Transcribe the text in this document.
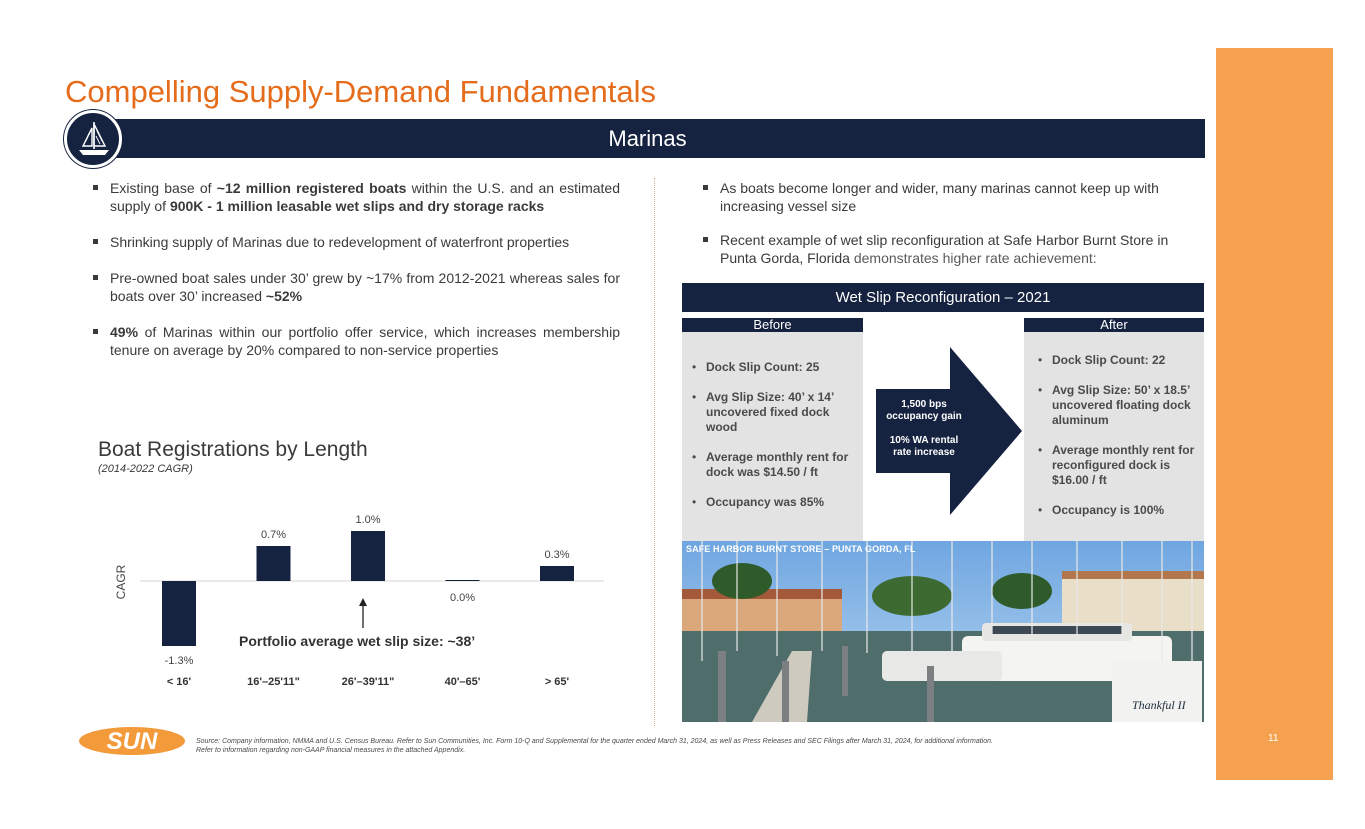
11
Compelling Supply-Demand Fundamentals
Marinas
Existing base of ~12 million registered boats within the U.S. and an estimated supply of 900K - 1 million leasable wet slips and dry storage racks
Shrinking supply of Marinas due to redevelopment of waterfront properties
Pre-owned boat sales under 30’ grew by ~17% from 2012-2021 whereas sales for boats over 30’ increased ~52%
49% of Marinas within our portfolio offer service, which increases membership tenure on average by 20% compared to non-service properties
As boats become longer and wider, many marinas cannot keep up with increasing vessel size
Recent example of wet slip reconfiguration at Safe Harbor Burnt Store in Punta Gorda, Florida demonstrates higher rate achievement:
Boat Registrations by Length
(2014-2022 CAGR)
CAGR
-1.3%
< 16'
0.7%
16'–25'11"
1.0%
26'–39'11"
0.0%
40'–65'
0.3%
> 65'
Portfolio average wet slip size: ~38’
Wet Slip Reconfiguration – 2021
Before	After
• Dock Slip Count: 25
• Avg Slip Size: 40’ x 14’ uncovered fixed dock wood
• Average monthly rent for dock was $14.50 / ft
• Occupancy was 85%
1,500 bps
occupancy gain
10% WA rental
rate increase
• Dock Slip Count: 22
• Avg Slip Size: 50’ x 18.5’ uncovered floating dock aluminum
• Average monthly rent for reconfigured dock is $16.00 / ft
• Occupancy is 100%
Thankful II
SAFE HARBOR BURNT STORE – PUNTA GORDA, FL
SUN	Source: Company information, NMMA and U.S. Census Bureau. Refer to Sun Communities, Inc. Form 10-Q and Supplemental for the quarter ended March 31, 2024, as well as Press Releases and SEC Filings after March 31, 2024, for additional information.
Refer to information regarding non-GAAP financial measures in the attached Appendix.
